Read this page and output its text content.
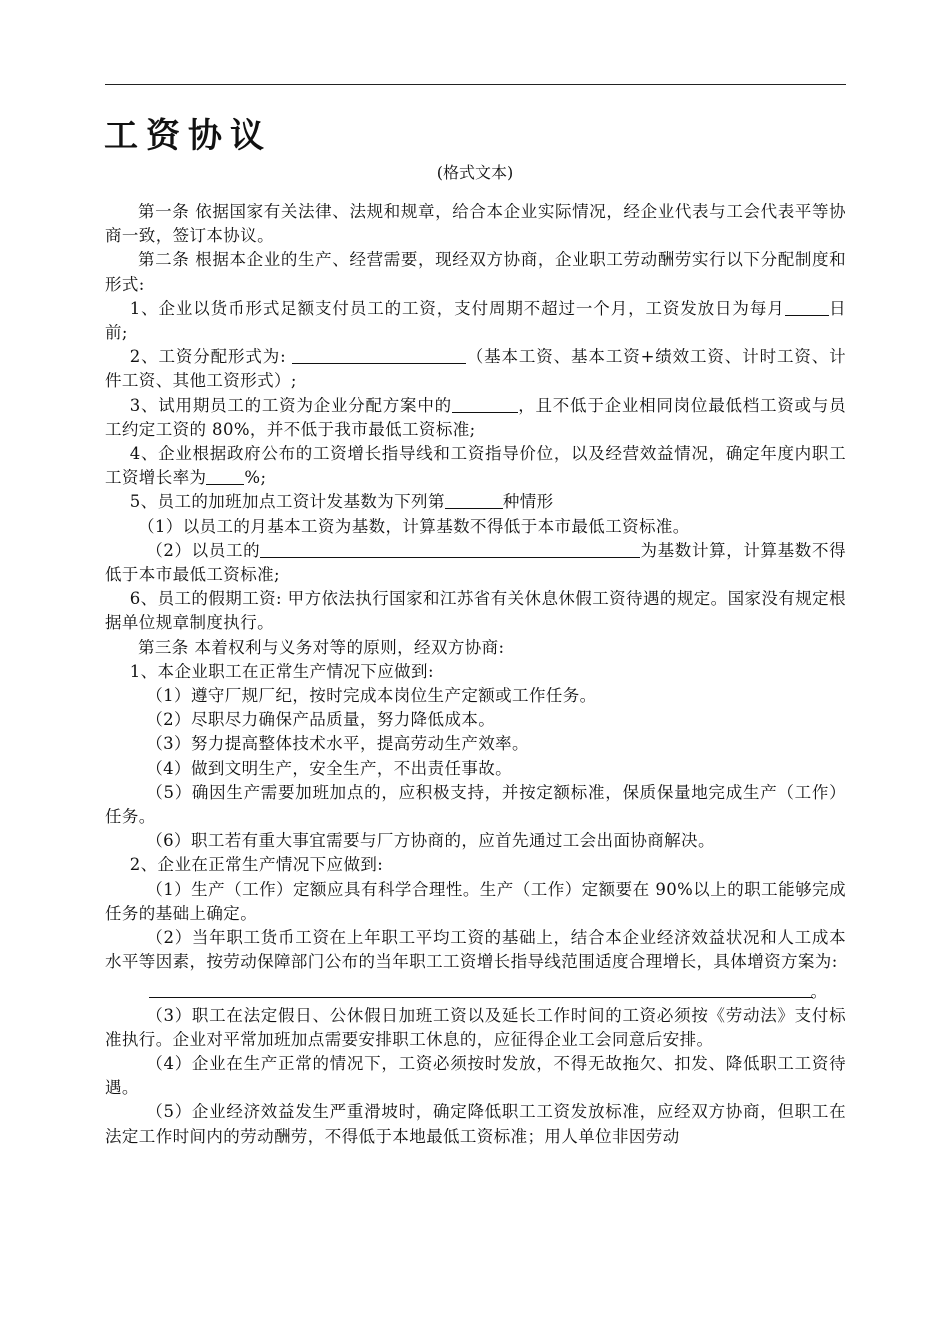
工资协议
(格式文本)

第一条 依据国家有关法律、法规和规章，给合本企业实际情况，经企业代表与工会代表平等协商一致，签订本协议。

第二条 根据本企业的生产、经营需要，现经双方协商，企业职工劳动酬劳实行以下分配制度和形式:

1、企业以货币形式足额支付员工的工资，支付周期不超过一个月，工资发放日为每月	日前;

2、工资分配形式为:	（基本工资、基本工资+绩效工资、计时工资、计件工资、其他工资形式）;

3、试用期员工的工资为企业分配方案中的	，且不低于企业相同岗位最低档工资或与员工约定工资的 80%，并不低于我市最低工资标准;

4、企业根据政府公布的工资增长指导线和工资指导价位，以及经营效益情况，确定年度内职工工资增长率为 %;

5、员工的加班加点工资计发基数为下列第	种情形

（1）以员工的月基本工资为基数，计算基数不得低于本市最低工资标准。

（2）以员工的	为基数计算，计算基数不得低于本市最低工资标准;

6、员工的假期工资: 甲方依法执行国家和江苏省有关休息休假工资待遇的规定。国家没有规定根据单位规章制度执行。

第三条 本着权利与义务对等的原则，经双方协商:

1、本企业职工在正常生产情况下应做到:

（1）遵守厂规厂纪，按时完成本岗位生产定额或工作任务。

（2）尽职尽力确保产品质量，努力降低成本。

（3）努力提高整体技术水平，提高劳动生产效率。

（4）做到文明生产，安全生产，不出责任事故。

（5）确因生产需要加班加点的，应积极支持，并按定额标准，保质保量地完成生产（工作）任务。

（6）职工若有重大事宜需要与厂方协商的，应首先通过工会出面协商解决。

2、企业在正常生产情况下应做到:

（1）生产（工作）定额应具有科学合理性。生产（工作）定额要在 90%以上的职工能够完成任务的基础上确定。

（2）当年职工货币工资在上年职工平均工资的基础上，结合本企业经济效益状况和人工成本水平等因素，按劳动保障部门公布的当年职工工资增长指导线范围适度合理增长，具体增资方案为:

。

（3）职工在法定假日、公休假日加班工资以及延长工作时间的工资必须按《劳动法》支付标准执行。企业对平常加班加点需要安排职工休息的，应征得企业工会同意后安排。

（4）企业在生产正常的情况下，工资必须按时发放，不得无故拖欠、扣发、降低职工工资待遇。

（5）企业经济效益发生严重滑坡时，确定降低职工工资发放标准，应经双方协商，但职工在法定工作时间内的劳动酬劳，不得低于本地最低工资标准；用人单位非因劳动
